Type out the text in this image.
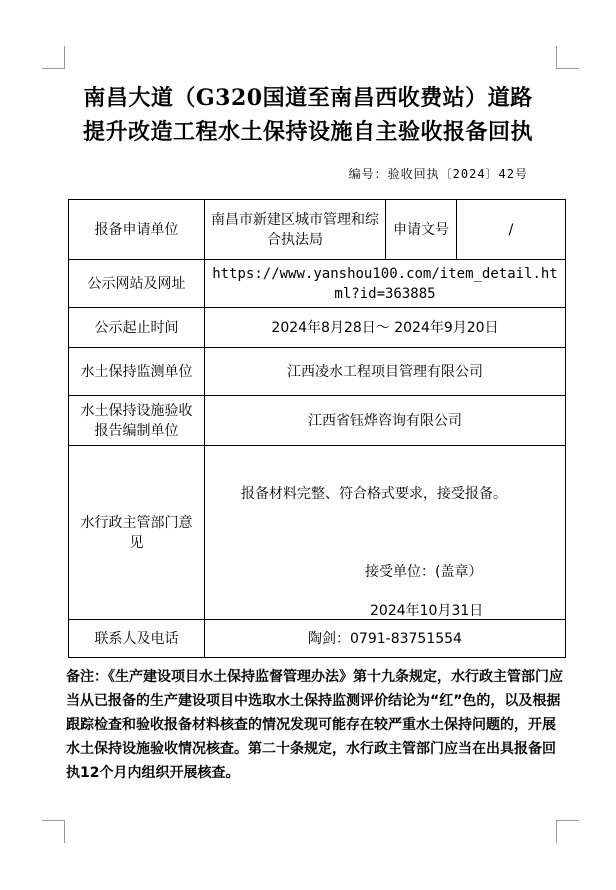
南昌大道（G320国道至南昌西收费站）道路
提升改造工程水土保持设施自主验收报备回执
编号：验收回执〔2024〕42号
报备申请单位	南昌市新建区城市管理和综合执法局	申请文号	/
公示网站及网址	https://www.yanshou100.com/item_detail.html?id=363885		
公示起止时间	2024年8月28日～ 2024年9月20日		
水土保持监测单位	江西凌水工程项目管理有限公司		
水土保持设施验收报告编制单位	江西省钰烨咨询有限公司		
水行政主管部门意见	报备材料完整、符合格式要求，接受报备。
接受单位：(盖章）
2024年10月31日		

联系人及电话	陶剑：0791-83751554		
备注：《生产建设项目水土保持监督管理办法》第十九条规定，水行政主管部门应当从已报备的生产建设项目中选取水土保持监测评价结论为“红”色的，以及根据跟踪检查和验收报备材料核查的情况发现可能存在较严重水土保持问题的，开展水土保持设施验收情况核查。第二十条规定，水行政主管部门应当在出具报备回执12个月内组织开展核查。
